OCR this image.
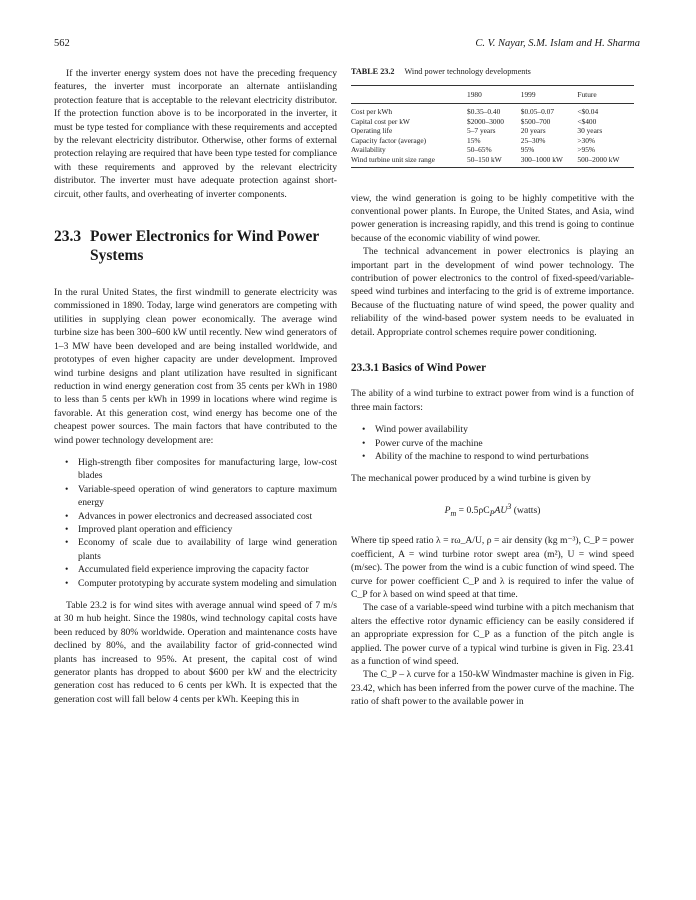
562	C. V. Nayar, S.M. Islam and H. Sharma

If the inverter energy system does not have the preceding frequency features, the inverter must incorporate an alternate antiislanding protection feature that is acceptable to the relevant electricity distributor. If the protection function above is to be incorporated in the inverter, it must be type tested for compliance with these requirements and accepted by the relevant electricity distributor. Otherwise, other forms of external protection relaying are required that have been type tested for compliance with these requirements and approved by the relevant electricity distributor. The inverter must have adequate protection against short-circuit, other faults, and overheating of inverter components.

23.3 Power Electronics for Wind Power
Systems

In the rural United States, the first windmill to generate electricity was commissioned in 1890. Today, large wind generators are competing with utilities in supplying clean power economically. The average wind turbine size has been 300–600 kW until recently. New wind generators of 1–3 MW have been developed and are being installed worldwide, and prototypes of even higher capacity are under development. Improved wind turbine designs and plant utilization have resulted in significant reduction in wind energy generation cost from 35 cents per kWh in 1980 to less than 5 cents per kWh in 1999 in locations where wind regime is favorable. At this generation cost, wind energy has become one of the cheapest power sources. The main factors that have contributed to the wind power technology development are:

• High-strength fiber composites for manufacturing large, low-cost blades
• Variable-speed operation of wind generators to capture maximum energy
• Advances in power electronics and decreased associated cost
• Improved plant operation and efficiency
• Economy of scale due to availability of large wind generation plants
• Accumulated field experience improving the capacity factor
• Computer prototyping by accurate system modeling and simulation

Table 23.2 is for wind sites with average annual wind speed of 7 m/s at 30 m hub height. Since the 1980s, wind technology capital costs have been reduced by 80% worldwide. Operation and maintenance costs have declined by 80%, and the availability factor of grid-connected wind plants has increased to 95%. At present, the capital cost of wind generator plants has dropped to about $600 per kW and the electricity generation cost has reduced to 6 cents per kWh. It is expected that the generation cost will fall below 4 cents per kWh. Keeping this in

TABLE 23.2 Wind power technology developments
	1980	1999	Future
Cost per kWh	$0.35–0.40	$0.05–0.07	<$0.04
Capital cost per kW	$2000–3000	$500–700	<$400
Operating life	5–7 years	20 years	30 years
Capacity factor (average)	15%	25–30%	>30%
Availability	50–65%	95%	>95%
Wind turbine unit size range	50–150 kW	300–1000 kW	500–2000 kW

view, the wind generation is going to be highly competitive with the conventional power plants. In Europe, the United States, and Asia, wind power generation is increasing rapidly, and this trend is going to continue because of the economic viability of wind power.

The technical advancement in power electronics is playing an important part in the development of wind power technology. The contribution of power electronics to the control of fixed-speed/variable-speed wind turbines and interfacing to the grid is of extreme importance. Because of the fluctuating nature of wind speed, the power quality and reliability of the wind-based power system needs to be evaluated in detail. Appropriate control schemes require power conditioning.

23.3.1 Basics of Wind Power

The ability of a wind turbine to extract power from wind is a function of three main factors:

• Wind power availability
• Power curve of the machine
• Ability of the machine to respond to wind perturbations

The mechanical power produced by a wind turbine is given by

$P_m = 0.5\rho C_PAU^3$ (watts)

Where tip speed ratio λ = rω_A/U, ρ = air density (kg m⁻³), C_P = power coefficient, A = wind turbine rotor swept area (m²), U = wind speed (m/sec). The power from the wind is a cubic function of wind speed. The curve for power coefficient C_P and λ is required to infer the value of C_P for λ based on wind speed at that time.

The case of a variable-speed wind turbine with a pitch mechanism that alters the effective rotor dynamic efficiency can be easily considered if an appropriate expression for C_P as a function of the pitch angle is applied. The power curve of a typical wind turbine is given in Fig. 23.41 as a function of wind speed.

The C_P – λ curve for a 150-kW Windmaster machine is given in Fig. 23.42, which has been inferred from the power curve of the machine. The ratio of shaft power to the available power in
